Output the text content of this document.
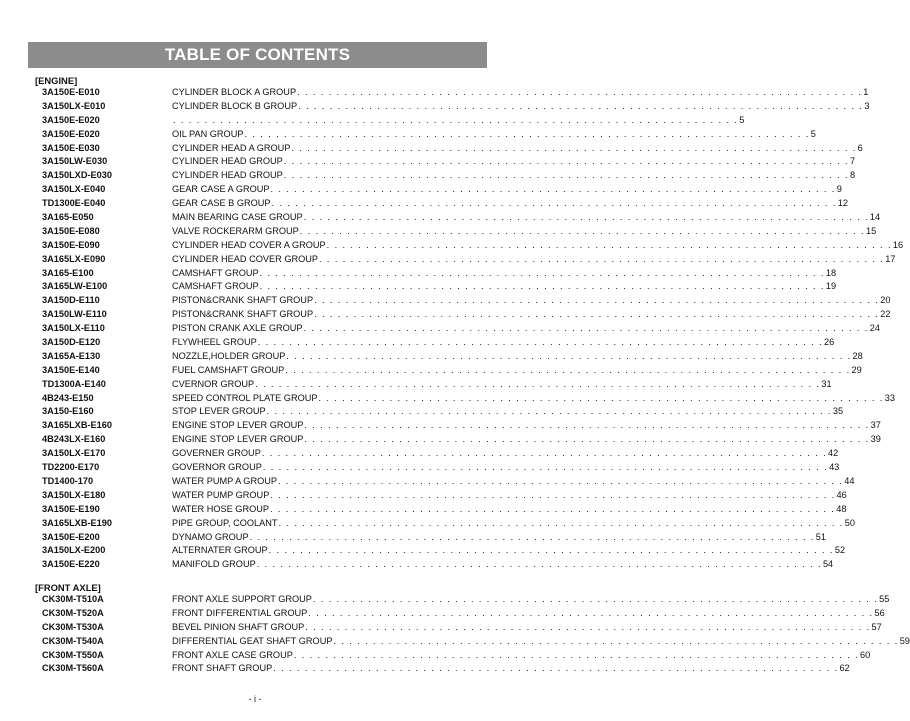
TABLE OF CONTENTS
[ENGINE]
3A150E-E010	CYLINDER BLOCK A GROUP . . . . . . . . . . . . . . . . . . . . . . . . . . . . . . . . . . . . . . . . . . . . . . . . . . . . . . . . . . . . . . . . . . . . . . . . 1
3A150LX-E010	CYLINDER BLOCK B GROUP . . . . . . . . . . . . . . . . . . . . . . . . . . . . . . . . . . . . . . . . . . . . . . . . . . . . . . . . . . . . . . . . . . . . . . . . 3
3A150E-E020	. . . . . . . . . . . . . . . . . . . . . . . . . . . . . . . . . . . . . . . . . . . . . . . . . . . . . . . . . . . . . . . . . . . . . . . . 5
3A150E-E020	OIL PAN GROUP . . . . . . . . . . . . . . . . . . . . . . . . . . . . . . . . . . . . . . . . . . . . . . . . . . . . . . . . . . . . . . . . . . . . . . . . 5
3A150E-E030	CYLINDER HEAD A GROUP . . . . . . . . . . . . . . . . . . . . . . . . . . . . . . . . . . . . . . . . . . . . . . . . . . . . . . . . . . . . . . . . . . . . . . . . 6
3A150LW-E030	CYLINDER HEAD GROUP . . . . . . . . . . . . . . . . . . . . . . . . . . . . . . . . . . . . . . . . . . . . . . . . . . . . . . . . . . . . . . . . . . . . . . . . 7
3A150LXD-E030	CYLINDER HEAD GROUP . . . . . . . . . . . . . . . . . . . . . . . . . . . . . . . . . . . . . . . . . . . . . . . . . . . . . . . . . . . . . . . . . . . . . . . . 8
3A150LX-E040	GEAR CASE A GROUP . . . . . . . . . . . . . . . . . . . . . . . . . . . . . . . . . . . . . . . . . . . . . . . . . . . . . . . . . . . . . . . . . . . . . . . . 9
TD1300E-E040	GEAR CASE B GROUP . . . . . . . . . . . . . . . . . . . . . . . . . . . . . . . . . . . . . . . . . . . . . . . . . . . . . . . . . . . . . . . . . . . . . . . . 12
3A165-E050	MAIN BEARING CASE GROUP . . . . . . . . . . . . . . . . . . . . . . . . . . . . . . . . . . . . . . . . . . . . . . . . . . . . . . . . . . . . . . . . . . . . . . . . 14
3A150E-E080	VALVE ROCKERARM GROUP . . . . . . . . . . . . . . . . . . . . . . . . . . . . . . . . . . . . . . . . . . . . . . . . . . . . . . . . . . . . . . . . . . . . . . . . 15
3A150E-E090	CYLINDER HEAD COVER A GROUP . . . . . . . . . . . . . . . . . . . . . . . . . . . . . . . . . . . . . . . . . . . . . . . . . . . . . . . . . . . . . . . . . . . . . . . . 16
3A165LX-E090	CYLINDER HEAD COVER GROUP . . . . . . . . . . . . . . . . . . . . . . . . . . . . . . . . . . . . . . . . . . . . . . . . . . . . . . . . . . . . . . . . . . . . . . . . 17
3A165-E100	CAMSHAFT GROUP . . . . . . . . . . . . . . . . . . . . . . . . . . . . . . . . . . . . . . . . . . . . . . . . . . . . . . . . . . . . . . . . . . . . . . . . 18
3A165LW-E100	CAMSHAFT GROUP . . . . . . . . . . . . . . . . . . . . . . . . . . . . . . . . . . . . . . . . . . . . . . . . . . . . . . . . . . . . . . . . . . . . . . . . 19
3A150D-E110	PISTON&CRANK SHAFT GROUP . . . . . . . . . . . . . . . . . . . . . . . . . . . . . . . . . . . . . . . . . . . . . . . . . . . . . . . . . . . . . . . . . . . . . . . . 20
3A150LW-E110	PISTON&CRANK SHAFT GROUP . . . . . . . . . . . . . . . . . . . . . . . . . . . . . . . . . . . . . . . . . . . . . . . . . . . . . . . . . . . . . . . . . . . . . . . . 22
3A150LX-E110	PISTON CRANK AXLE GROUP . . . . . . . . . . . . . . . . . . . . . . . . . . . . . . . . . . . . . . . . . . . . . . . . . . . . . . . . . . . . . . . . . . . . . . . . 24
3A150D-E120	FLYWHEEL GROUP . . . . . . . . . . . . . . . . . . . . . . . . . . . . . . . . . . . . . . . . . . . . . . . . . . . . . . . . . . . . . . . . . . . . . . . . 26
3A165A-E130	NOZZLE,HOLDER GROUP . . . . . . . . . . . . . . . . . . . . . . . . . . . . . . . . . . . . . . . . . . . . . . . . . . . . . . . . . . . . . . . . . . . . . . . . 28
3A150E-E140	FUEL CAMSHAFT GROUP . . . . . . . . . . . . . . . . . . . . . . . . . . . . . . . . . . . . . . . . . . . . . . . . . . . . . . . . . . . . . . . . . . . . . . . . 29
TD1300A-E140	CVERNOR GROUP . . . . . . . . . . . . . . . . . . . . . . . . . . . . . . . . . . . . . . . . . . . . . . . . . . . . . . . . . . . . . . . . . . . . . . . . 31
4B243-E150	SPEED CONTROL PLATE GROUP . . . . . . . . . . . . . . . . . . . . . . . . . . . . . . . . . . . . . . . . . . . . . . . . . . . . . . . . . . . . . . . . . . . . . . . . 33
3A150-E160	STOP LEVER GROUP . . . . . . . . . . . . . . . . . . . . . . . . . . . . . . . . . . . . . . . . . . . . . . . . . . . . . . . . . . . . . . . . . . . . . . . . 35
3A165LXB-E160	ENGINE STOP LEVER GROUP . . . . . . . . . . . . . . . . . . . . . . . . . . . . . . . . . . . . . . . . . . . . . . . . . . . . . . . . . . . . . . . . . . . . . . . . 37
4B243LX-E160	ENGINE STOP LEVER GROUP . . . . . . . . . . . . . . . . . . . . . . . . . . . . . . . . . . . . . . . . . . . . . . . . . . . . . . . . . . . . . . . . . . . . . . . . 39
3A150LX-E170	GOVERNER GROUP . . . . . . . . . . . . . . . . . . . . . . . . . . . . . . . . . . . . . . . . . . . . . . . . . . . . . . . . . . . . . . . . . . . . . . . . 42
TD2200-E170	GOVERNOR GROUP . . . . . . . . . . . . . . . . . . . . . . . . . . . . . . . . . . . . . . . . . . . . . . . . . . . . . . . . . . . . . . . . . . . . . . . . 43
TD1400-170	WATER PUMP A GROUP . . . . . . . . . . . . . . . . . . . . . . . . . . . . . . . . . . . . . . . . . . . . . . . . . . . . . . . . . . . . . . . . . . . . . . . . 44
3A150LX-E180	WATER PUMP GROUP . . . . . . . . . . . . . . . . . . . . . . . . . . . . . . . . . . . . . . . . . . . . . . . . . . . . . . . . . . . . . . . . . . . . . . . . 46
3A150E-E190	WATER HOSE GROUP . . . . . . . . . . . . . . . . . . . . . . . . . . . . . . . . . . . . . . . . . . . . . . . . . . . . . . . . . . . . . . . . . . . . . . . . 48
3A165LXB-E190	PIPE GROUP, COOLANT . . . . . . . . . . . . . . . . . . . . . . . . . . . . . . . . . . . . . . . . . . . . . . . . . . . . . . . . . . . . . . . . . . . . . . . . 50
3A150E-E200	DYNAMO GROUP . . . . . . . . . . . . . . . . . . . . . . . . . . . . . . . . . . . . . . . . . . . . . . . . . . . . . . . . . . . . . . . . . . . . . . . . 51
3A150LX-E200	ALTERNATER GROUP . . . . . . . . . . . . . . . . . . . . . . . . . . . . . . . . . . . . . . . . . . . . . . . . . . . . . . . . . . . . . . . . . . . . . . . . 52
3A150E-E220	MANIFOLD GROUP . . . . . . . . . . . . . . . . . . . . . . . . . . . . . . . . . . . . . . . . . . . . . . . . . . . . . . . . . . . . . . . . . . . . . . . . 54
[FRONT AXLE]
CK30M-T510A	FRONT AXLE SUPPORT GROUP . . . . . . . . . . . . . . . . . . . . . . . . . . . . . . . . . . . . . . . . . . . . . . . . . . . . . . . . . . . . . . . . . . . . . . . . 55
CK30M-T520A	FRONT DIFFERENTIAL GROUP . . . . . . . . . . . . . . . . . . . . . . . . . . . . . . . . . . . . . . . . . . . . . . . . . . . . . . . . . . . . . . . . . . . . . . . . 56
CK30M-T530A	BEVEL PINION SHAFT GROUP . . . . . . . . . . . . . . . . . . . . . . . . . . . . . . . . . . . . . . . . . . . . . . . . . . . . . . . . . . . . . . . . . . . . . . . . 57
CK30M-T540A	DIFFERENTIAL GEAT SHAFT GROUP . . . . . . . . . . . . . . . . . . . . . . . . . . . . . . . . . . . . . . . . . . . . . . . . . . . . . . . . . . . . . . . . . . . . . . . . 59
CK30M-T550A	FRONT AXLE CASE GROUP . . . . . . . . . . . . . . . . . . . . . . . . . . . . . . . . . . . . . . . . . . . . . . . . . . . . . . . . . . . . . . . . . . . . . . . . 60
CK30M-T560A	FRONT SHAFT GROUP . . . . . . . . . . . . . . . . . . . . . . . . . . . . . . . . . . . . . . . . . . . . . . . . . . . . . . . . . . . . . . . . . . . . . . . . 62
- i -
